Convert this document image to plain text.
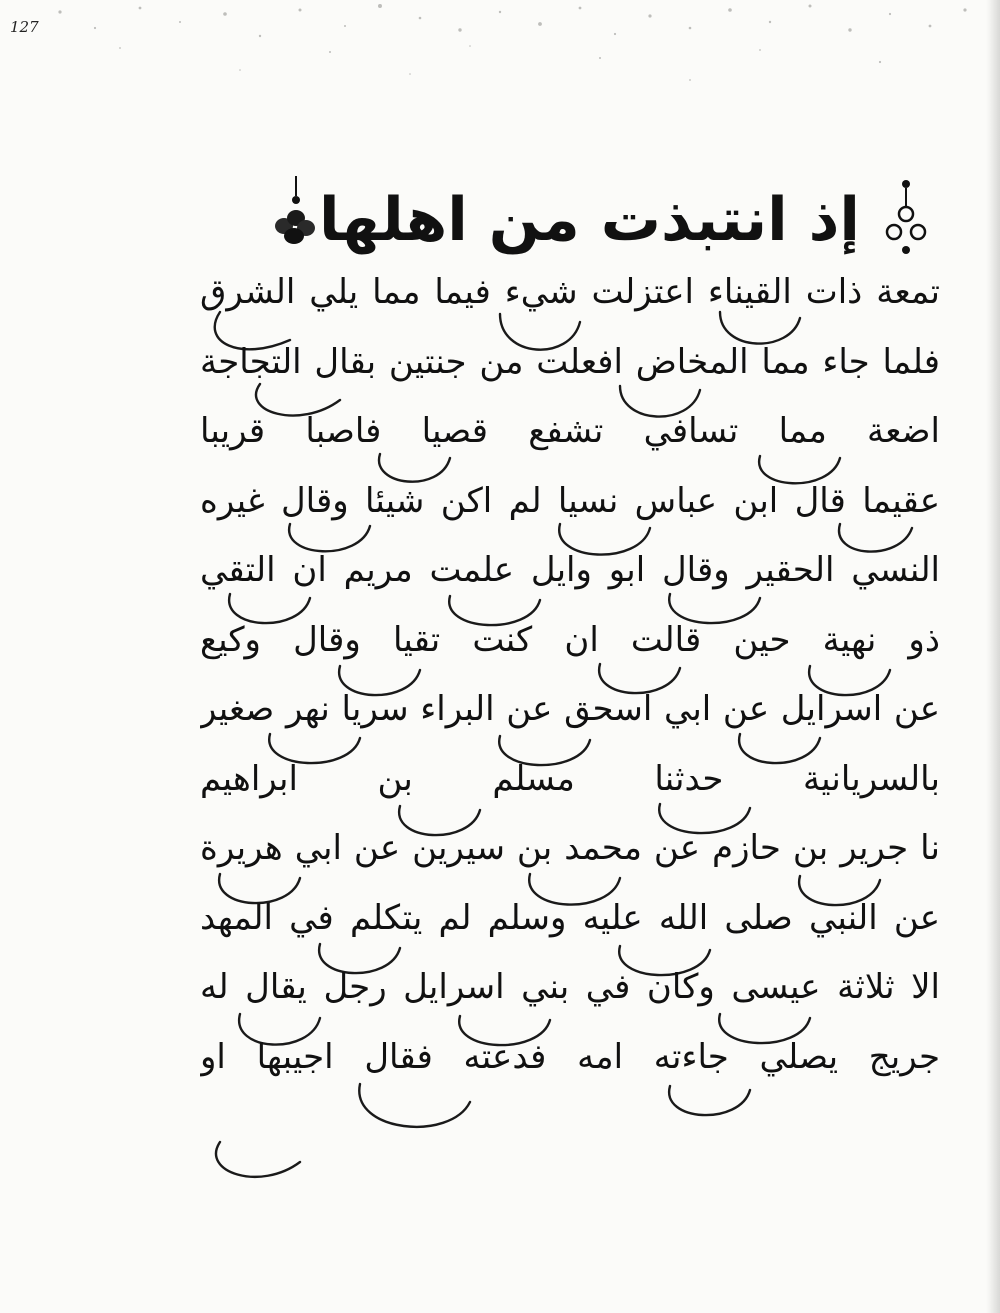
127
إذ انتبذت من اهلها
تمعة ذات القيناء اعتزلت شيء فيما مما يلي الشرق
فلما جاء مما المخاض افعلت من جنتين بقال التجاجة
اضعة مما تسافي تشفع قصيا فاصبا قريبا
عقيما قال ابن عباس نسيا لم اكن شيئا وقال غيره
النسي الحقير وقال ابو وايل علمت مريم ان التقي
ذو نهية حين قالت ان كنت تقيا وقال وكيع
عن اسرايل عن ابي اسحق عن البراء سريا نهر صغير
بالسريانية حدثنا مسلم بن ابراهيم
نا جرير بن حازم عن محمد بن سيرين عن ابي هريرة
عن النبي صلى الله عليه وسلم لم يتكلم في المهد
الا ثلاثة عيسى وكان في بني اسرايل رجل يقال له
جريج يصلي جاءته امه فدعته فقال اجيبها او
